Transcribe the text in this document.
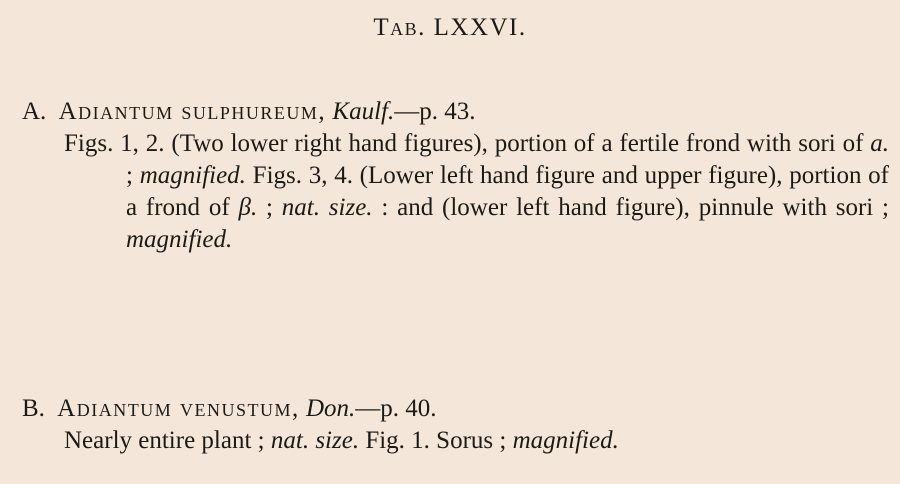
Tab. LXXVI.
A. Adiantum sulphureum, Kaulf.—p. 43.
Figs. 1, 2. (Two lower right hand figures), portion of a fertile frond with sori of a. ; magnified. Figs. 3, 4. (Lower left hand figure and upper figure), portion of a frond of β. ; nat. size. : and (lower left hand figure), pinnule with sori ; magnified.
B. Adiantum venustum, Don.—p. 40.
Nearly entire plant ; nat. size. Fig. 1. Sorus ; magnified.
